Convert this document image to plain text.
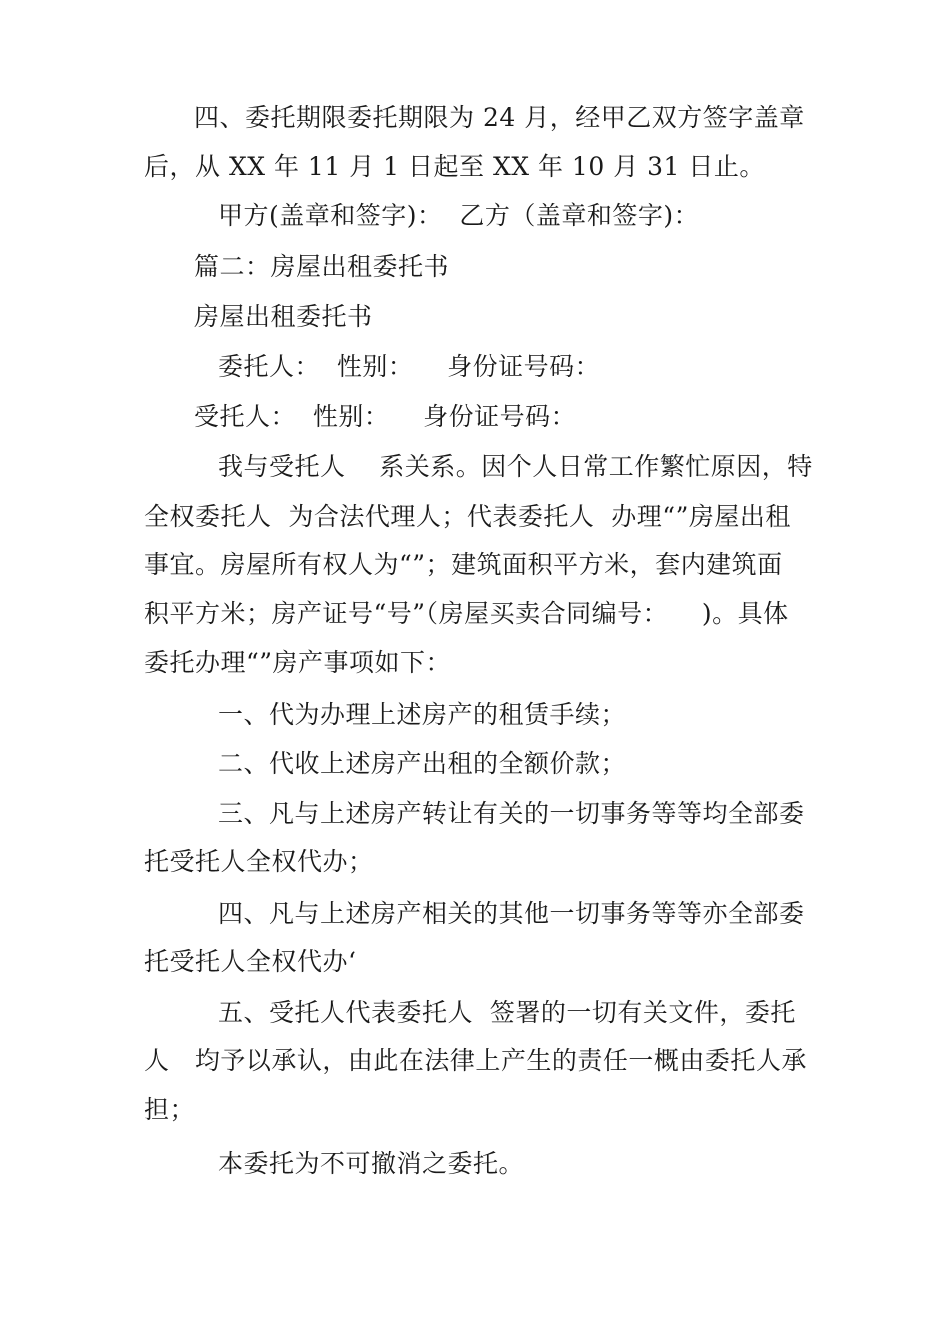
四、委托期限委托期限为 24 月，经甲乙双方签字盖章
后，从 XX 年 11 月 1 日起至 XX 年 10 月 31 日止。
甲方(盖章和签字)：  乙方（盖章和签字)：
篇二：房屋出租委托书
房屋出租委托书
委托人：  性别：    身份证号码：
受托人：  性别：    身份证号码：
我与受托人    系关系。因个人日常工作繁忙原因，特
全权委托人  为合法代理人；代表委托人  办理“”房屋出租
事宜。房屋所有权人为“”；建筑面积平方米，套内建筑面
积平方米；房产证号“号”（房屋买卖合同编号：    )。具体
委托办理“”房产事项如下：
一、代为办理上述房产的租赁手续；
二、代收上述房产出租的全额价款；
三、凡与上述房产转让有关的一切事务等等均全部委
托受托人全权代办；
四、凡与上述房产相关的其他一切事务等等亦全部委
托受托人全权代办‘
五、受托人代表委托人  签署的一切有关文件，委托
人   均予以承认，由此在法律上产生的责任一概由委托人承
担；
本委托为不可撤消之委托。
